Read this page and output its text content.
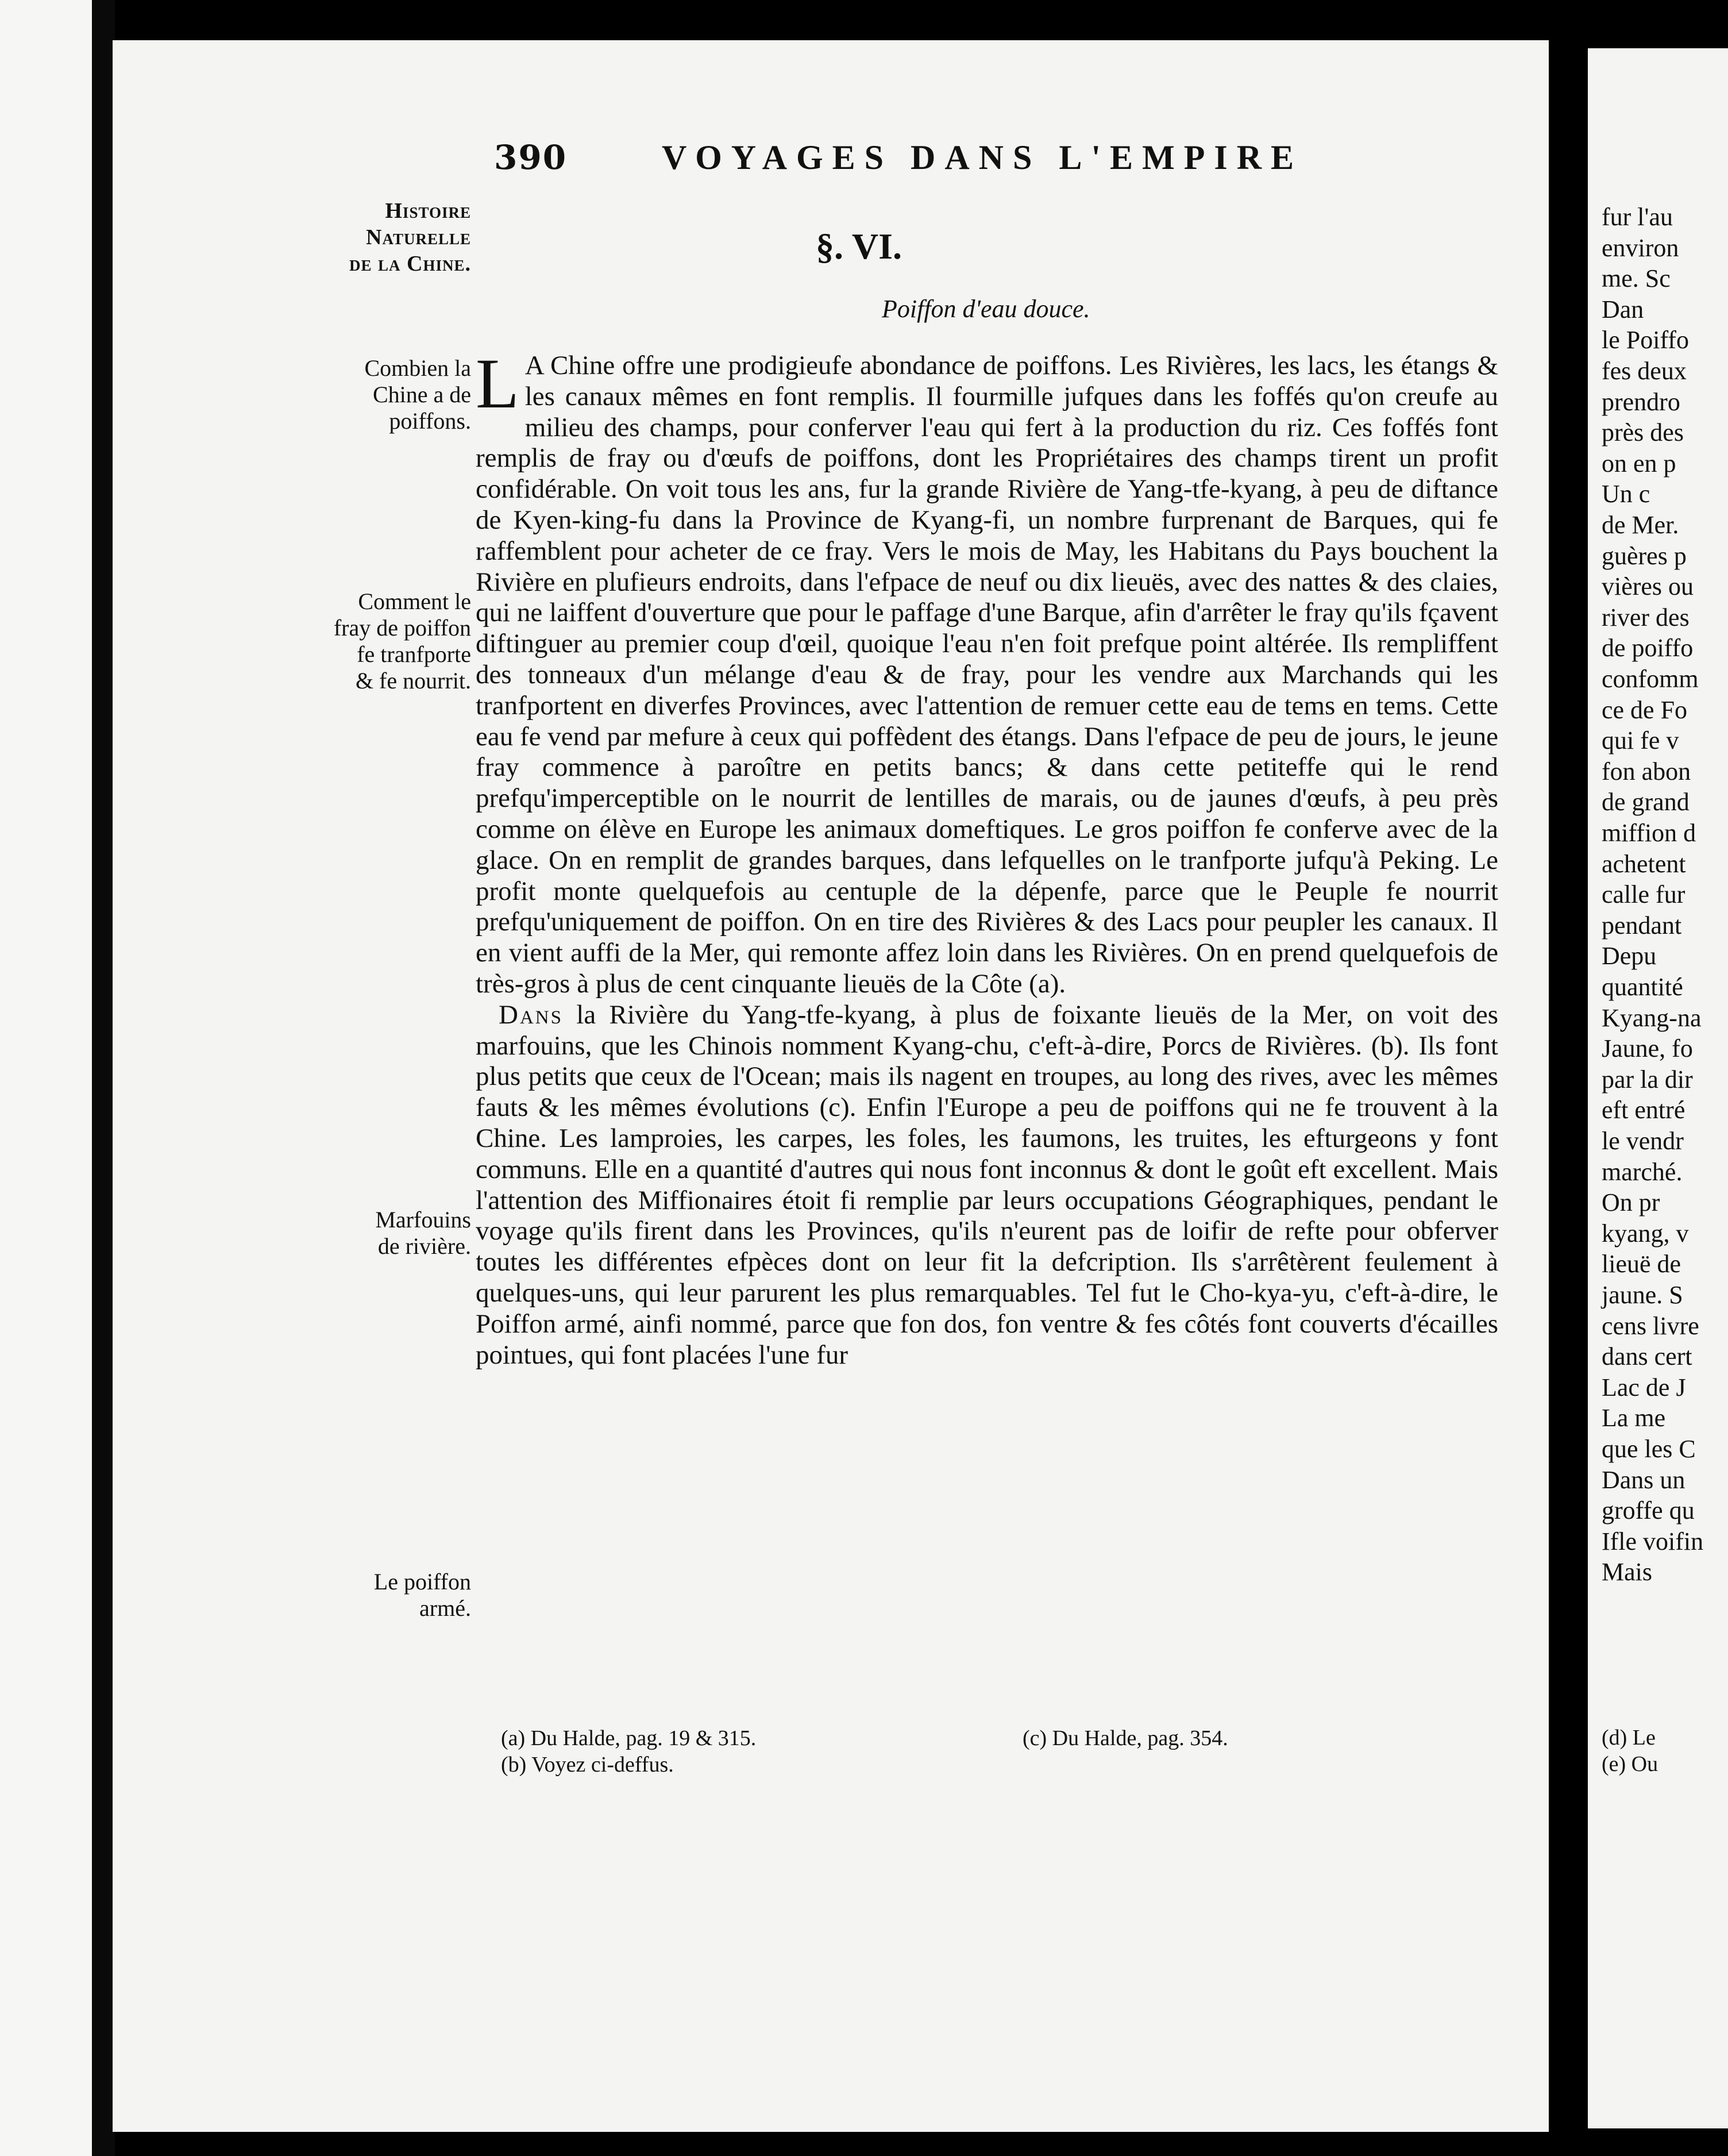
390	VOYAGES DANS L'EMPIRE
Histoire
Naturelle
de la Chine.	§. VI.
Poiffon d'eau douce.
Combien la
Chine a de
poiffons.
Comment le
fray de poiffon
fe tranfporte
& fe nourrit.
Marfouins
de rivière.
Le poiffon
armé.

L A Chine offre une prodigieufe abondance de poiffons. Les Rivières, les lacs, les étangs & les canaux mêmes en font remplis. Il fourmille jufques dans les foffés qu'on creufe au milieu des champs, pour conferver l'eau qui fert à la production du riz. Ces foffés font remplis de fray ou d'œufs de poiffons, dont les Propriétaires des champs tirent un profit confidérable. On voit tous les ans, fur la grande Rivière de Yang-tfe-kyang, à peu de diftance de Kyen-king-fu dans la Province de Kyang-fi, un nombre furprenant de Barques, qui fe raffemblent pour acheter de ce fray. Vers le mois de May, les Habitans du Pays bouchent la Rivière en plufieurs endroits, dans l'efpace de neuf ou dix lieuës, avec des nattes & des claies, qui ne laiffent d'ouverture que pour le paffage d'une Barque, afin d'arrêter le fray qu'ils fçavent diftinguer au premier coup d'œil, quoique l'eau n'en foit prefque point altérée. Ils rempliffent des tonneaux d'un mélange d'eau & de fray, pour les vendre aux Marchands qui les tranfportent en diverfes Provinces, avec l'attention de remuer cette eau de tems en tems. Cette eau fe vend par mefure à ceux qui poffèdent des étangs. Dans l'efpace de peu de jours, le jeune fray commence à paroître en petits bancs; & dans cette petiteffe qui le rend prefqu'imperceptible on le nourrit de lentilles de marais, ou de jaunes d'œufs, à peu près comme on élève en Europe les animaux domeftiques. Le gros poiffon fe conferve avec de la glace. On en remplit de grandes barques, dans lefquelles on le tranfporte jufqu'à Peking. Le profit monte quelquefois au centuple de la dépenfe, parce que le Peuple fe nourrit prefqu'uniquement de poiffon. On en tire des Rivières & des Lacs pour peupler les canaux. Il en vient auffi de la Mer, qui remonte affez loin dans les Rivières. On en prend quelquefois de très-gros à plus de cent cinquante lieuës de la Côte (a).

Dans la Rivière du Yang-tfe-kyang, à plus de foixante lieuës de la Mer, on voit des marfouins, que les Chinois nomment Kyang-chu, c'eft-à-dire, Porcs de Rivières. (b). Ils font plus petits que ceux de l'Ocean; mais ils nagent en troupes, au long des rives, avec les mêmes fauts & les mêmes évolutions (c). Enfin l'Europe a peu de poiffons qui ne fe trouvent à la Chine. Les lamproies, les carpes, les foles, les faumons, les truites, les efturgeons y font communs. Elle en a quantité d'autres qui nous font inconnus & dont le goût eft excellent. Mais l'attention des Miffionaires étoit fi remplie par leurs occupations Géographiques, pendant le voyage qu'ils firent dans les Provinces, qu'ils n'eurent pas de loifir de refte pour obferver toutes les différentes efpèces dont on leur fit la defcription. Ils s'arrêtèrent feulement à quelques-uns, qui leur parurent les plus remarquables. Tel fut le Cho-kya-yu, c'eft-à-dire, le Poiffon armé, ainfi nommé, parce que fon dos, fon ventre & fes côtés font couverts d'écailles pointues, qui font placées l'une fur

(a) Du Halde, pag. 19 & 315.
(b) Voyez ci-deffus.
(c) Du Halde, pag. 354.
fur l'au
environ
me. Sc
Dan
le Poiffo
fes deux
prendro
près des
on en p
Un c
de Mer.
guères p
vières ou
river des
de poiffo
confomm
ce de Fo
qui fe v
fon abon
de grand
miffion d
achetent
calle fur
pendant
Depu
quantité
Kyang-na
Jaune, fo
par la dir
eft entré
le vendr
marché.
On pr
kyang, v
lieuë de
jaune. S
cens livre
dans cert
Lac de J
La me
que les C
Dans un
groffe qu
Ifle voifin
Mais
(d) Le
(e) Ou
